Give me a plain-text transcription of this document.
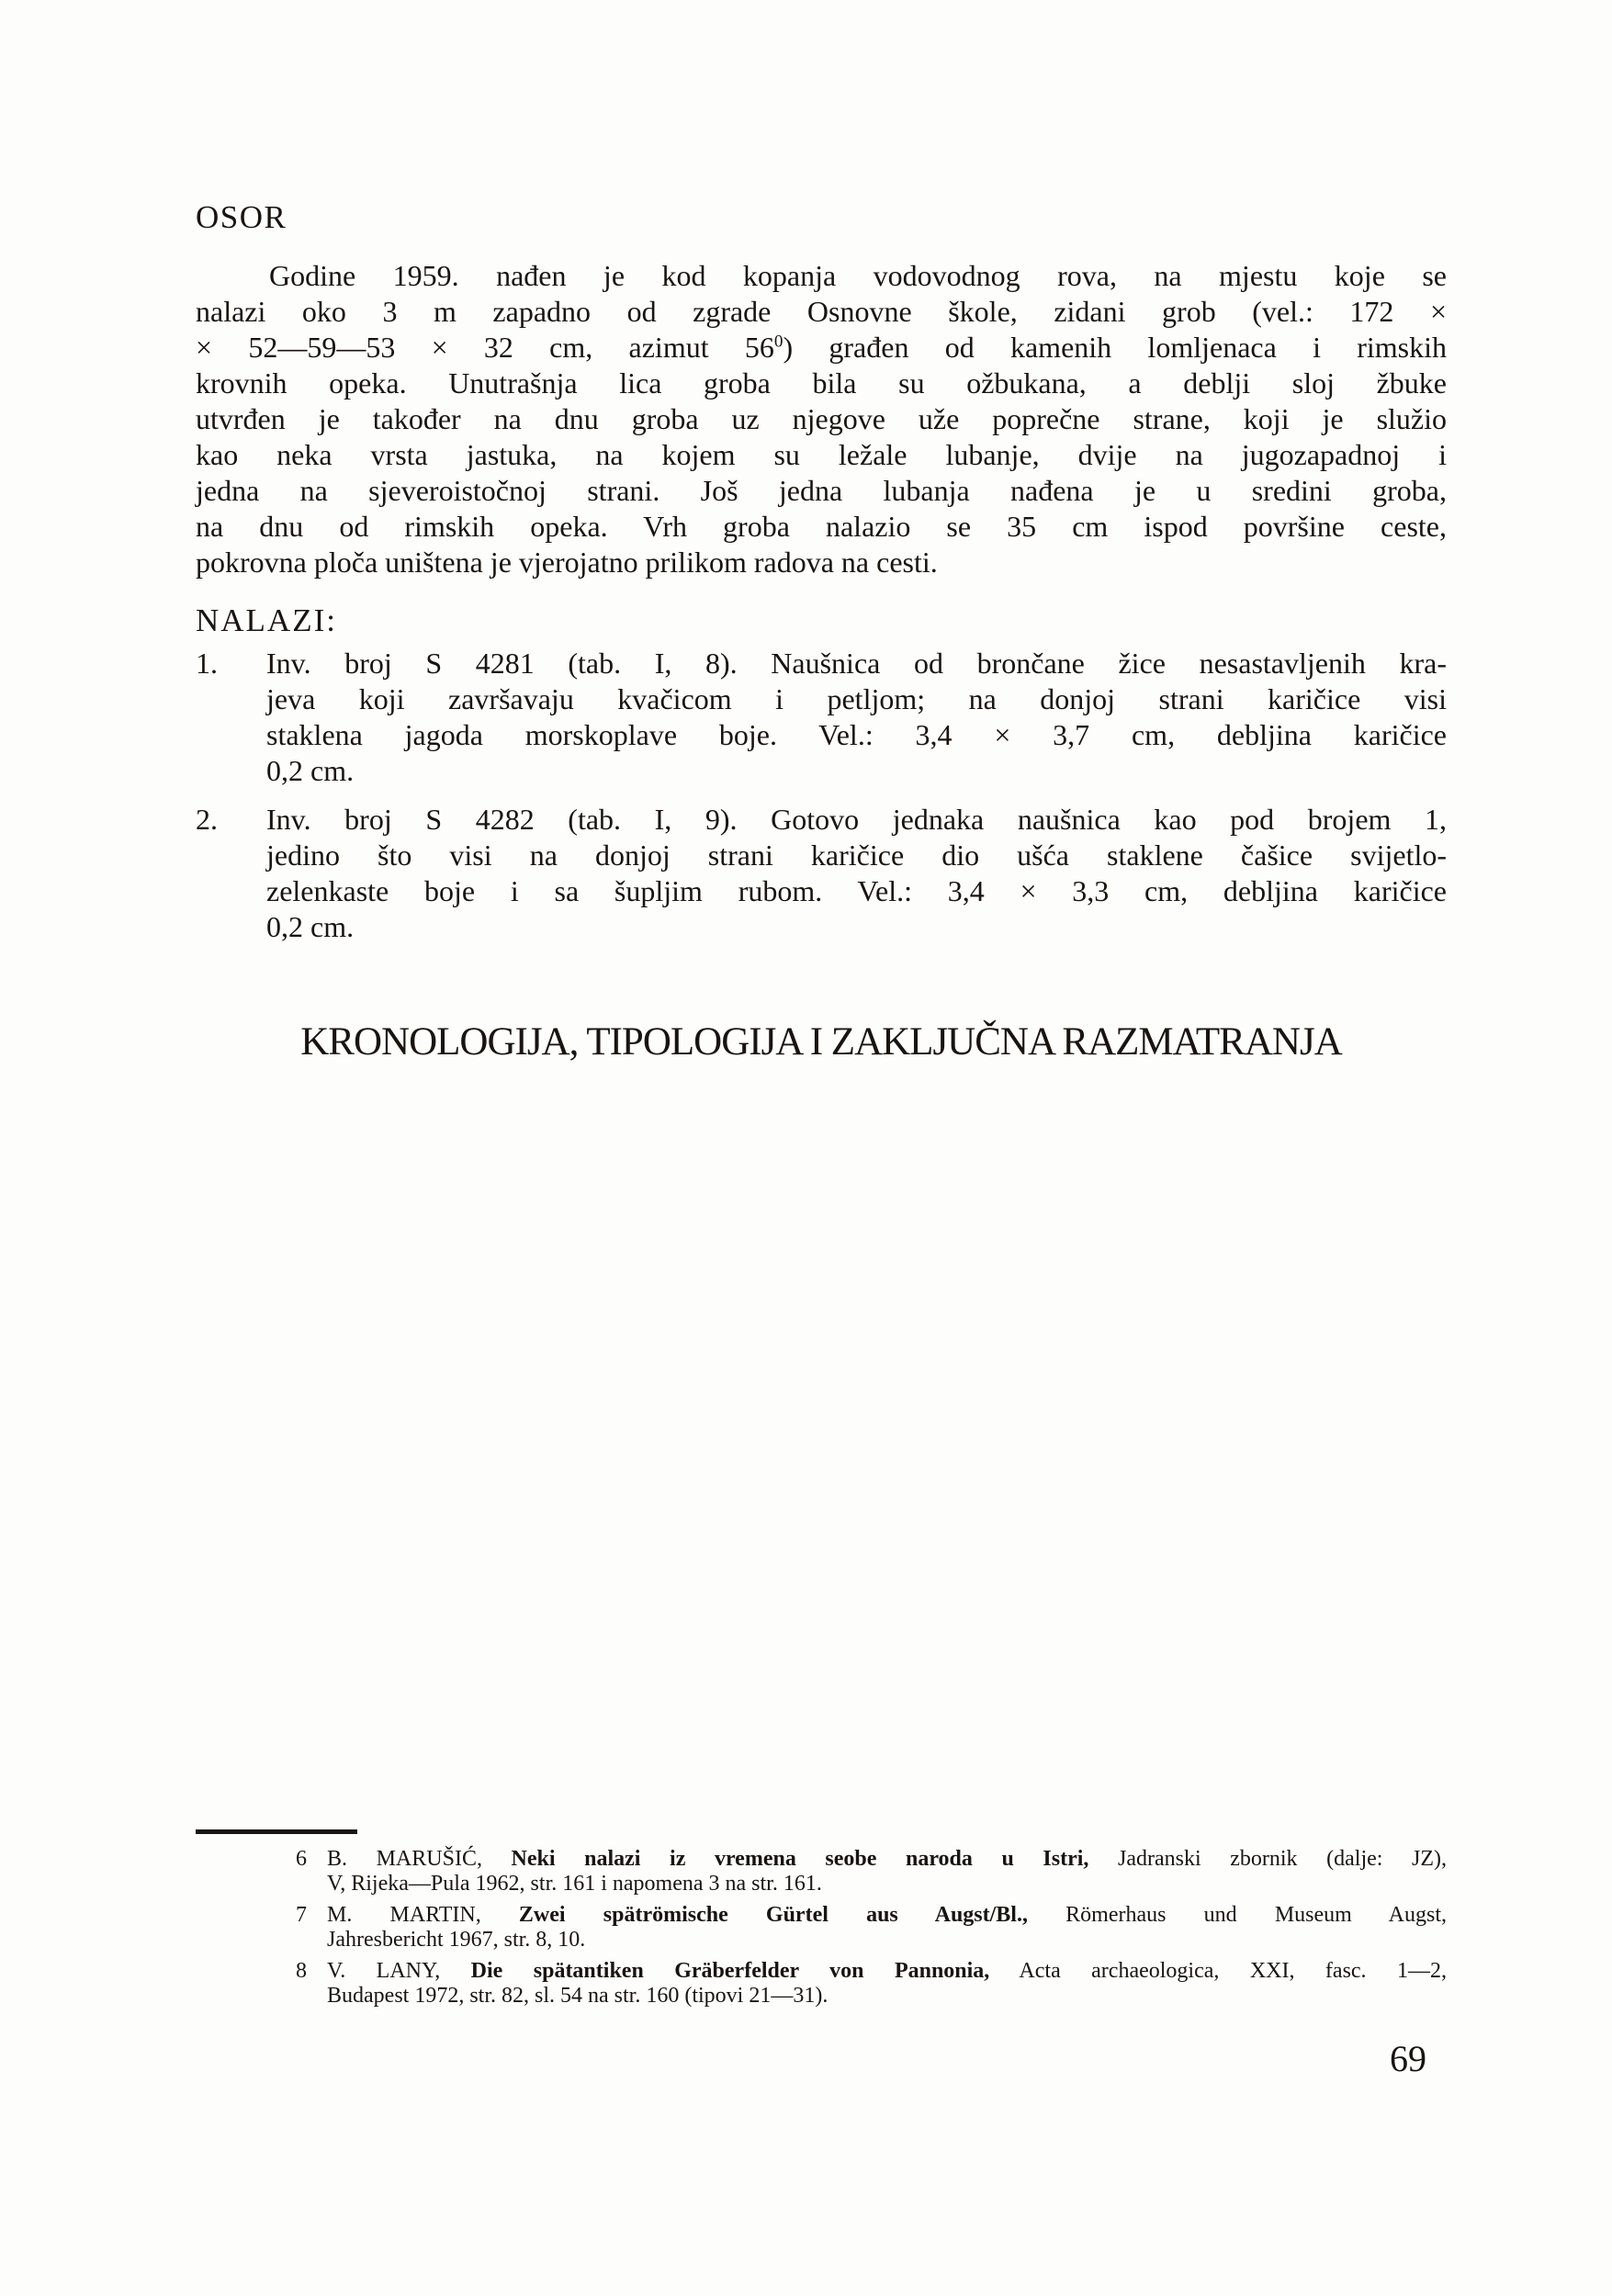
OSOR
Godine 1959. nađen je kod kopanja vodovodnog rova, na mjestu koje se
nalazi oko 3 m zapadno od zgrade Osnovne škole, zidani grob (vel.: 172 ×
× 52—59—53 × 32 cm, azimut $56^0$) građen od kamenih lomljenaca i rimskih
krovnih opeka. Unutrašnja lica groba bila su ožbukana, a deblji sloj žbuke
utvrđen je također na dnu groba uz njegove uže poprečne strane, koji je služio
kao neka vrsta jastuka, na kojem su ležale lubanje, dvije na jugozapadnoj i
jedna na sjeveroistočnoj strani. Još jedna lubanja nađena je u sredini groba,
na dnu od rimskih opeka. Vrh groba nalazio se 35 cm ispod površine ceste,
pokrovna ploča uništena je vjerojatno prilikom radova na cesti.
NALAZI:
1.	Inv. broj S 4281 (tab. I, 8). Naušnica od brončane žice nesastavljenih kra-
jeva koji završavaju kvačicom i petljom; na donjoj strani karičice visi
staklena jagoda morskoplave boje. Vel.: 3,4 × 3,7 cm, debljina karičice
0,2 cm.
2.	Inv. broj S 4282 (tab. I, 9). Gotovo jednaka naušnica kao pod brojem 1,
jedino što visi na donjoj strani karičice dio ušća staklene čašice svijetlo-
zelenkaste boje i sa šupljim rubom. Vel.: 3,4 × 3,3 cm, debljina karičice
0,2 cm.
KRONOLOGIJA, TIPOLOGIJA I ZAKLJUČNA RAZMATRANJA
6 B. MARUŠIĆ, Neki nalazi iz vremena seobe naroda u Istri, Jadranski zbornik (dalje: JZ),
V, Rijeka—Pula 1962, str. 161 i napomena 3 na str. 161.
7 M. MARTIN, Zwei spätrömische Gürtel aus Augst/Bl., Römerhaus und Museum Augst,
Jahresbericht 1967, str. 8, 10.
8 V. LANY, Die spätantiken Gräberfelder von Pannonia, Acta archaeologica, XXI, fasc. 1—2,
Budapest 1972, str. 82, sl. 54 na str. 160 (tipovi 21—31).
69
